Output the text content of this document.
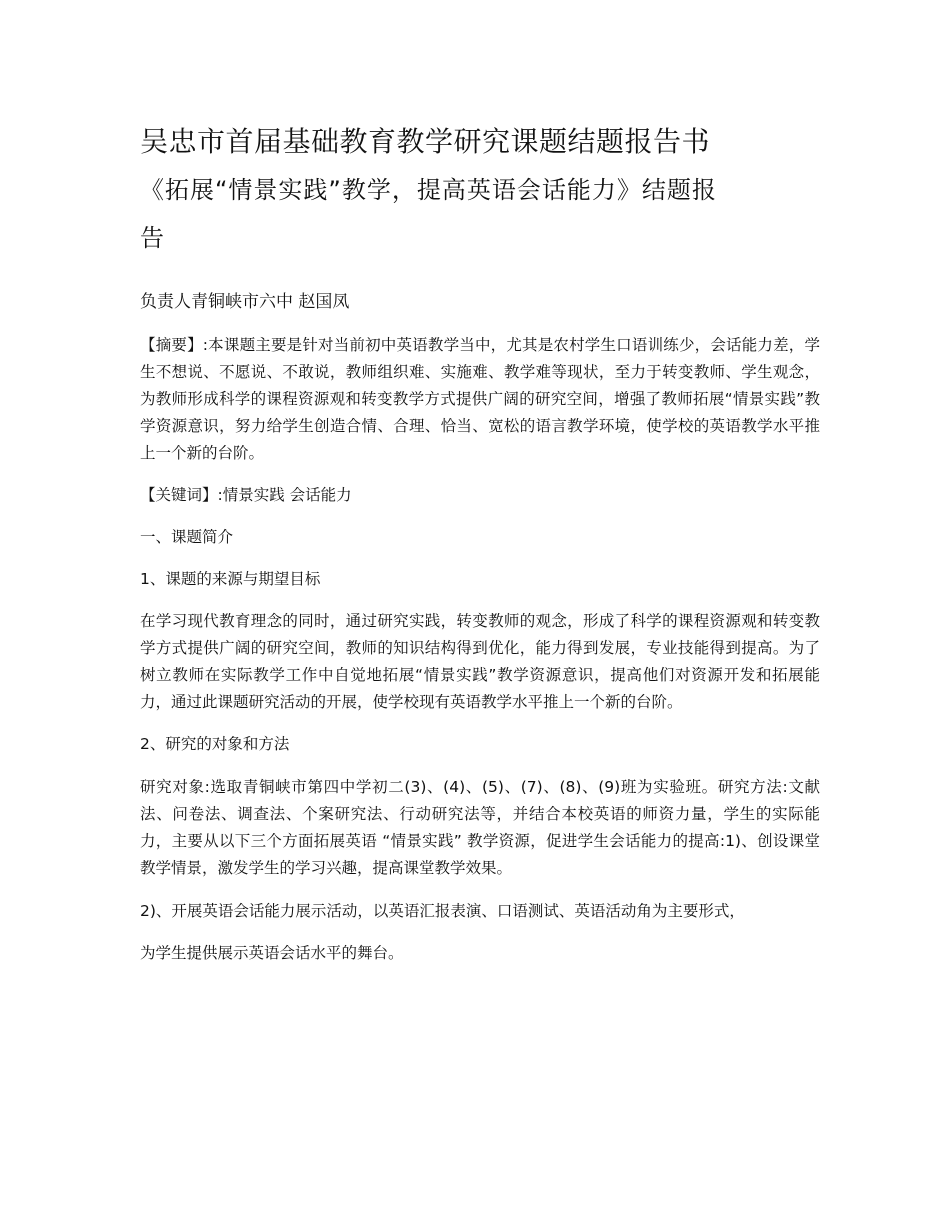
吴忠市首届基础教育教学研究课题结题报告书
《拓展“情景实践”教学，提高英语会话能力》结题报
告
负责人青铜峡市六中 赵国凤

【摘要】:本课题主要是针对当前初中英语教学当中，尤其是农村学生口语训练少，会话能力差，学生不想说、不愿说、不敢说，教师组织难、实施难、教学难等现状，至力于转变教师、学生观念，为教师形成科学的课程资源观和转变教学方式提供广阔的研究空间，增强了教师拓展“情景实践”教学资源意识，努力给学生创造合情、合理、恰当、宽松的语言教学环境，使学校的英语教学水平推上一个新的台阶。

【关键词】:情景实践 会话能力

一、课题简介

1、课题的来源与期望目标

在学习现代教育理念的同时，通过研究实践，转变教师的观念，形成了科学的课程资源观和转变教学方式提供广阔的研究空间，教师的知识结构得到优化，能力得到发展，专业技能得到提高。为了树立教师在实际教学工作中自觉地拓展“情景实践”教学资源意识，提高他们对资源开发和拓展能力，通过此课题研究活动的开展，使学校现有英语教学水平推上一个新的台阶。

2、研究的对象和方法

研究对象:选取青铜峡市第四中学初二(3)、(4)、(5)、(7)、(8)、(9)班为实验班。研究方法:文献法、问卷法、调查法、个案研究法、行动研究法等，并结合本校英语的师资力量，学生的实际能力，主要从以下三个方面拓展英语 “情景实践” 教学资源，促进学生会话能力的提高:1)、创设课堂教学情景，激发学生的学习兴趣，提高课堂教学效果。

2)、开展英语会话能力展示活动，以英语汇报表演、口语测试、英语活动角为主要形式，

为学生提供展示英语会话水平的舞台。
